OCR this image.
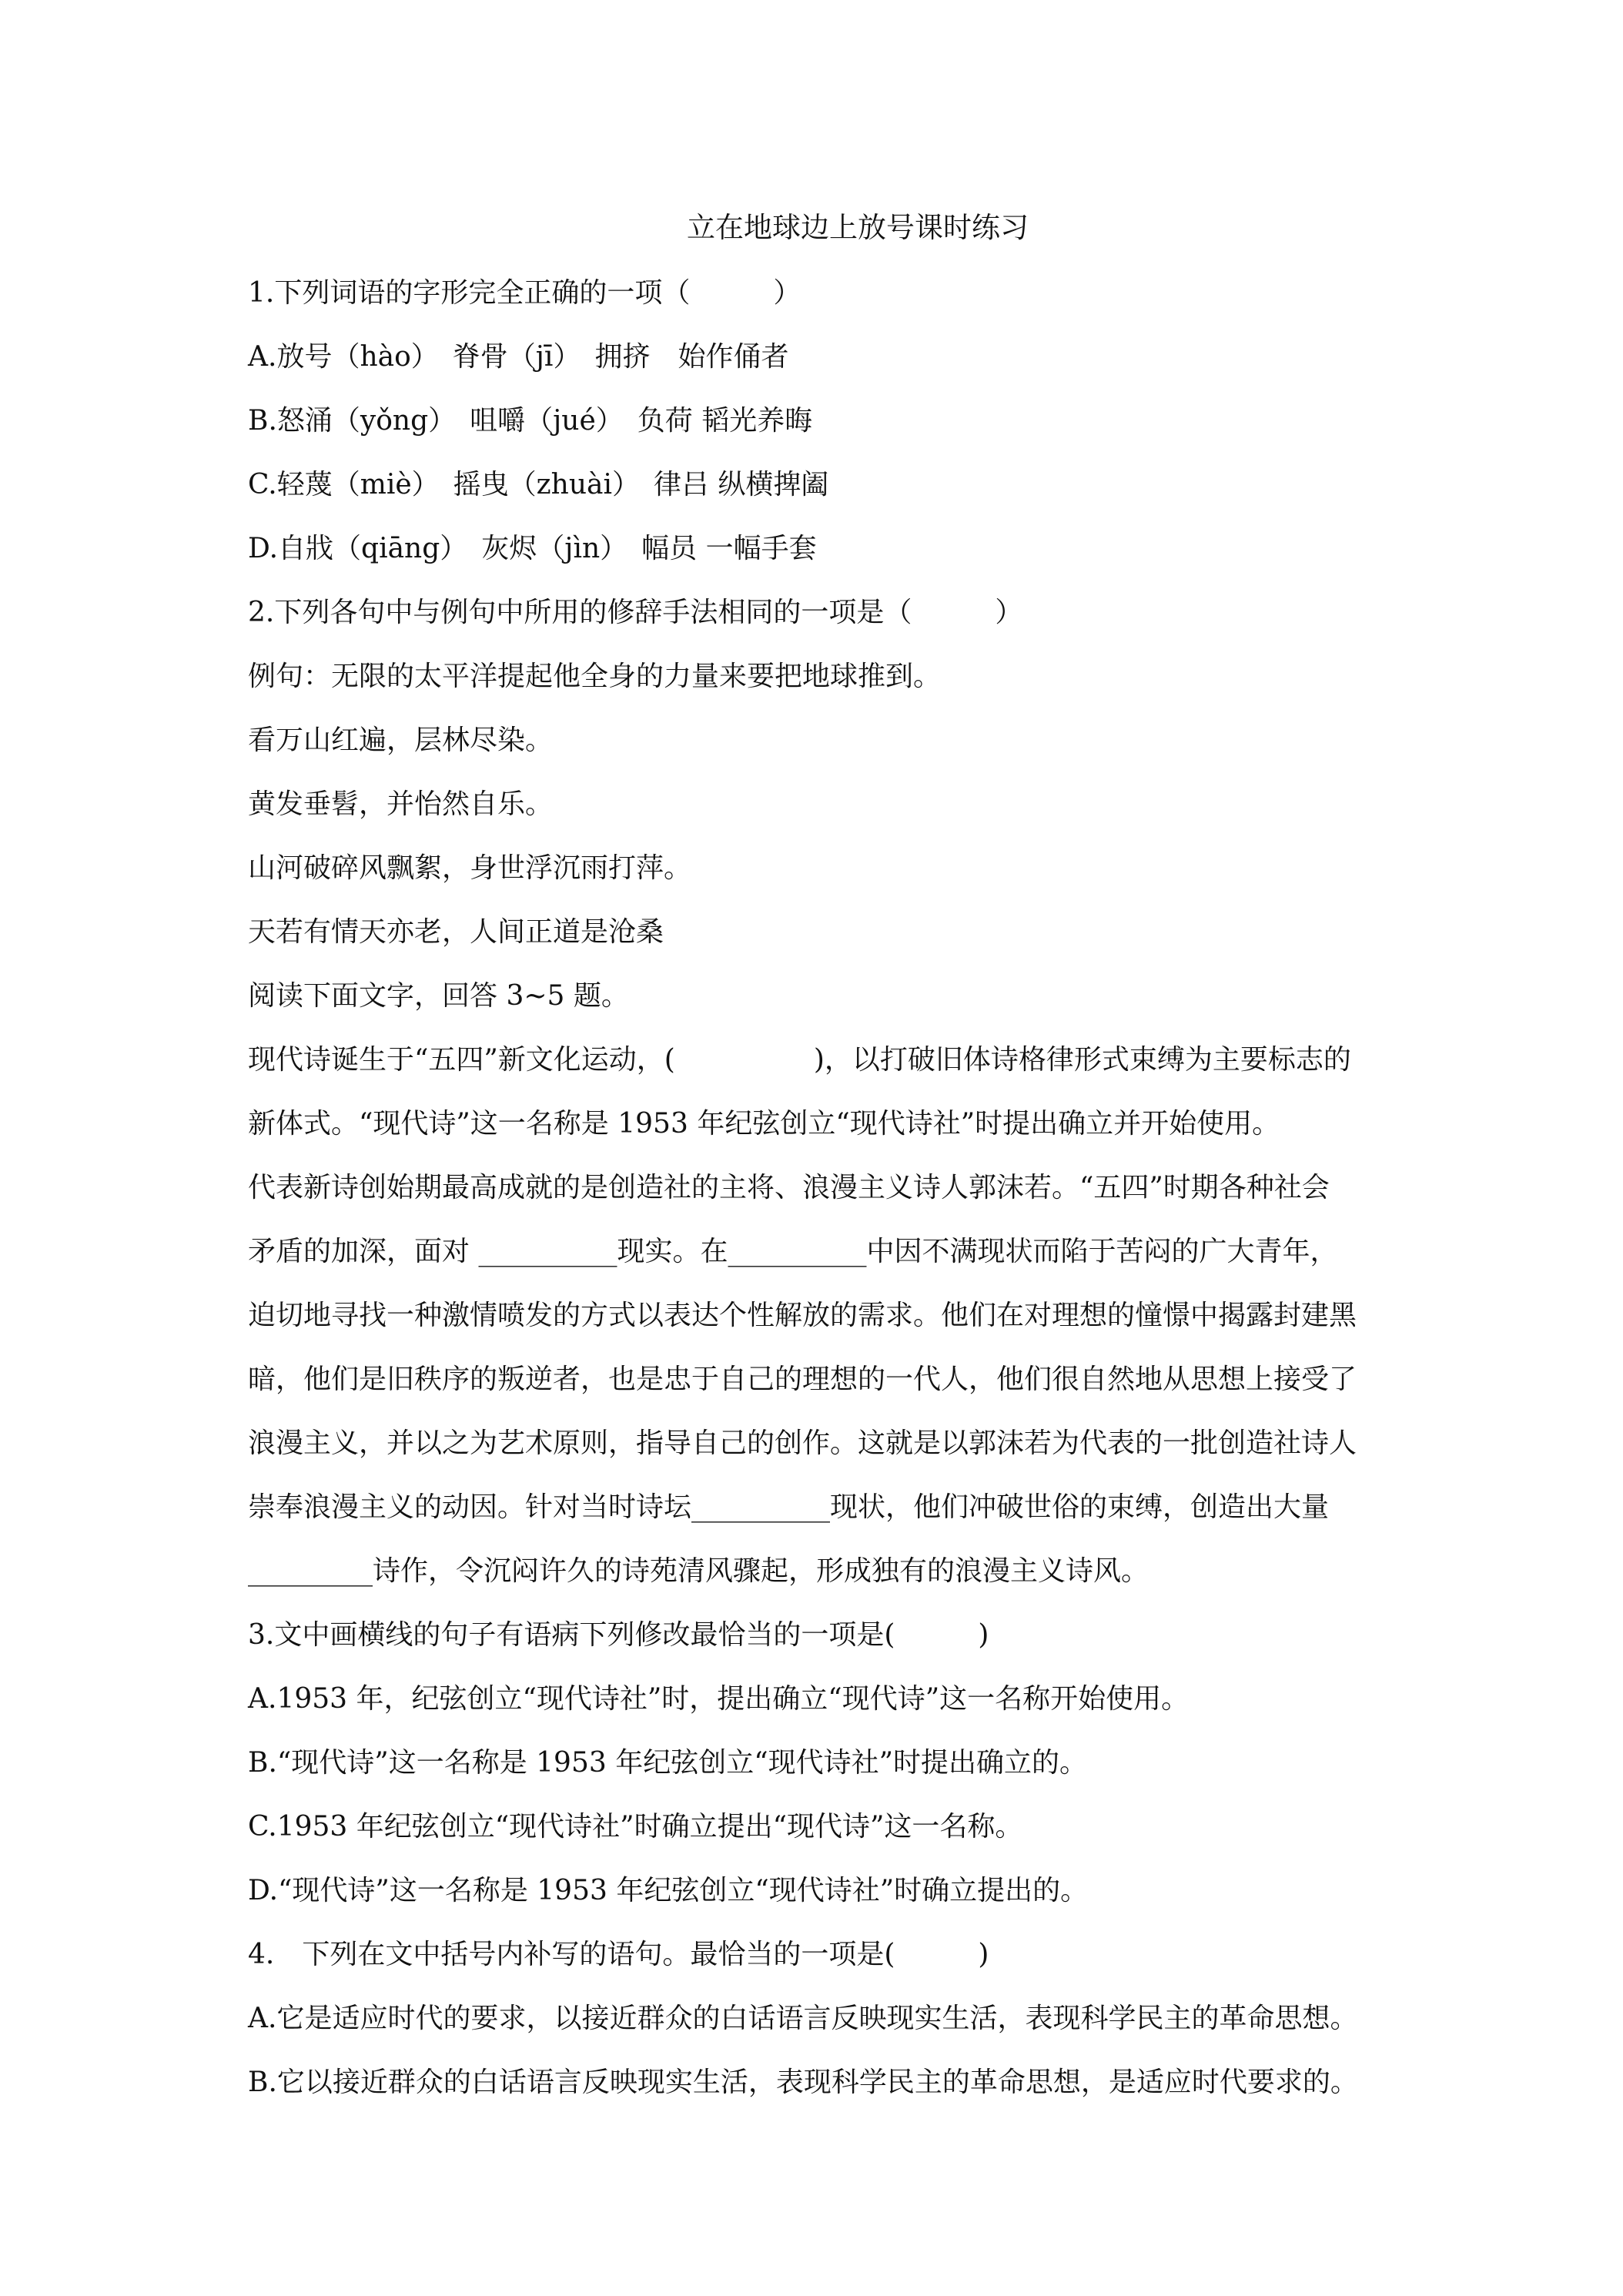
立在地球边上放号课时练习
1.下列词语的字形完全正确的一项（　　　）
A.放号（hào）　脊骨（jī）　拥挤　始作俑者
B.怒涌（yǒng）　咀嚼（jué）　负荷 韬光养晦
C.轻蔑（miè）　摇曳（zhuài）　律吕 纵横捭阖
D.自戕（qiāng）　灰烬（jìn）　幅员 一幅手套
2.下列各句中与例句中所用的修辞手法相同的一项是（　　　）
例句：无限的太平洋提起他全身的力量来要把地球推到。
看万山红遍，层林尽染。
黄发垂髫，并怡然自乐。
山河破碎风飘絮，身世浮沉雨打萍。
天若有情天亦老，人间正道是沧桑
阅读下面文字，回答 3~5 题。
现代诗诞生于“五四”新文化运动，(　　　　　)，以打破旧体诗格律形式束缚为主要标志的
新体式。“现代诗”这一名称是 1953 年纪弦创立“现代诗社”时提出确立并开始使用。
代表新诗创始期最高成就的是创造社的主将、浪漫主义诗人郭沫若。“五四”时期各种社会
矛盾的加深，面对 __________现实。在__________中因不满现状而陷于苦闷的广大青年，
迫切地寻找一种激情喷发的方式以表达个性解放的需求。他们在对理想的憧憬中揭露封建黑
暗，他们是旧秩序的叛逆者，也是忠于自己的理想的一代人，他们很自然地从思想上接受了
浪漫主义，并以之为艺术原则，指导自己的创作。这就是以郭沫若为代表的一批创造社诗人
崇奉浪漫主义的动因。针对当时诗坛__________现状，他们冲破世俗的束缚，创造出大量
_________诗作，令沉闷许久的诗苑清风骤起，形成独有的浪漫主义诗风。
3.文中画横线的句子有语病下列修改最恰当的一项是(　　　)
A.1953 年，纪弦创立“现代诗社”时，提出确立“现代诗”这一名称开始使用。
B.“现代诗”这一名称是 1953 年纪弦创立“现代诗社”时提出确立的。
C.1953 年纪弦创立“现代诗社”时确立提出“现代诗”这一名称。
D.“现代诗”这一名称是 1953 年纪弦创立“现代诗社”时确立提出的。
4.　下列在文中括号内补写的语句。最恰当的一项是(　　　)
A.它是适应时代的要求，以接近群众的白话语言反映现实生活，表现科学民主的革命思想。
B.它以接近群众的白话语言反映现实生活，表现科学民主的革命思想，是适应时代要求的。
